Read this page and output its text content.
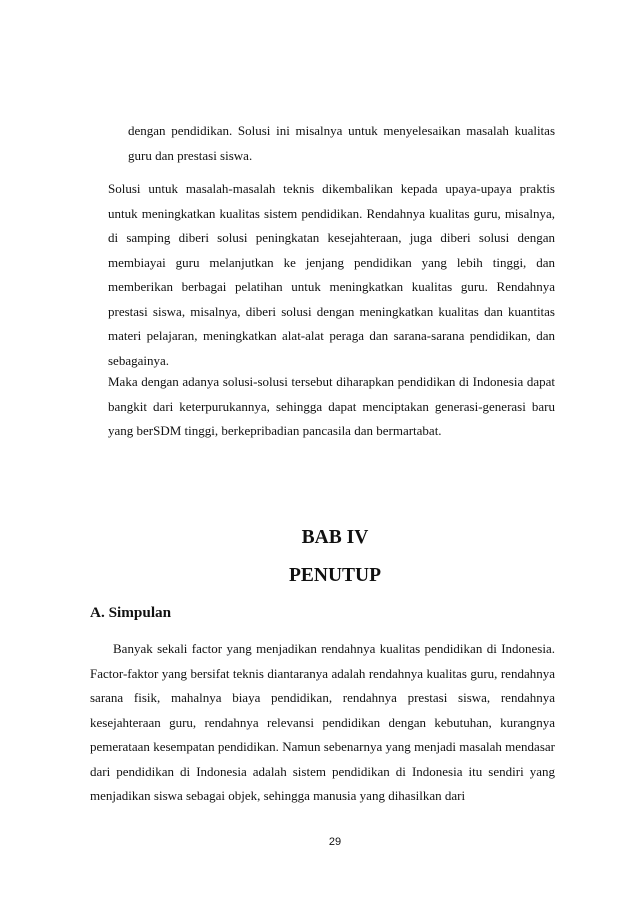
dengan pendidikan. Solusi ini misalnya untuk menyelesaikan masalah kualitas guru dan prestasi siswa.

Solusi untuk masalah-masalah teknis dikembalikan kepada upaya-upaya praktis untuk meningkatkan kualitas sistem pendidikan. Rendahnya kualitas guru, misalnya, di samping diberi solusi peningkatan kesejahteraan, juga diberi solusi dengan membiayai guru melanjutkan ke jenjang pendidikan yang lebih tinggi, dan memberikan berbagai pelatihan untuk meningkatkan kualitas guru. Rendahnya prestasi siswa, misalnya, diberi solusi dengan meningkatkan kualitas dan kuantitas materi pelajaran, meningkatkan alat-alat peraga dan sarana-sarana pendidikan, dan sebagainya.

Maka dengan adanya solusi-solusi tersebut diharapkan pendidikan di Indonesia dapat bangkit dari keterpurukannya, sehingga dapat menciptakan generasi-generasi baru yang berSDM tinggi, berkepribadian pancasila dan bermartabat.

BAB IV
PENUTUP
A. Simpulan

Banyak sekali factor yang menjadikan rendahnya kualitas pendidikan di Indonesia. Factor-faktor yang bersifat teknis diantaranya adalah rendahnya kualitas guru, rendahnya sarana fisik, mahalnya biaya pendidikan, rendahnya prestasi siswa, rendahnya kesejahteraan guru, rendahnya relevansi pendidikan dengan kebutuhan, kurangnya pemerataan kesempatan pendidikan. Namun sebenarnya yang menjadi masalah mendasar dari pendidikan di Indonesia adalah sistem pendidikan di Indonesia itu sendiri yang menjadikan siswa sebagai objek, sehingga manusia yang dihasilkan dari

29
